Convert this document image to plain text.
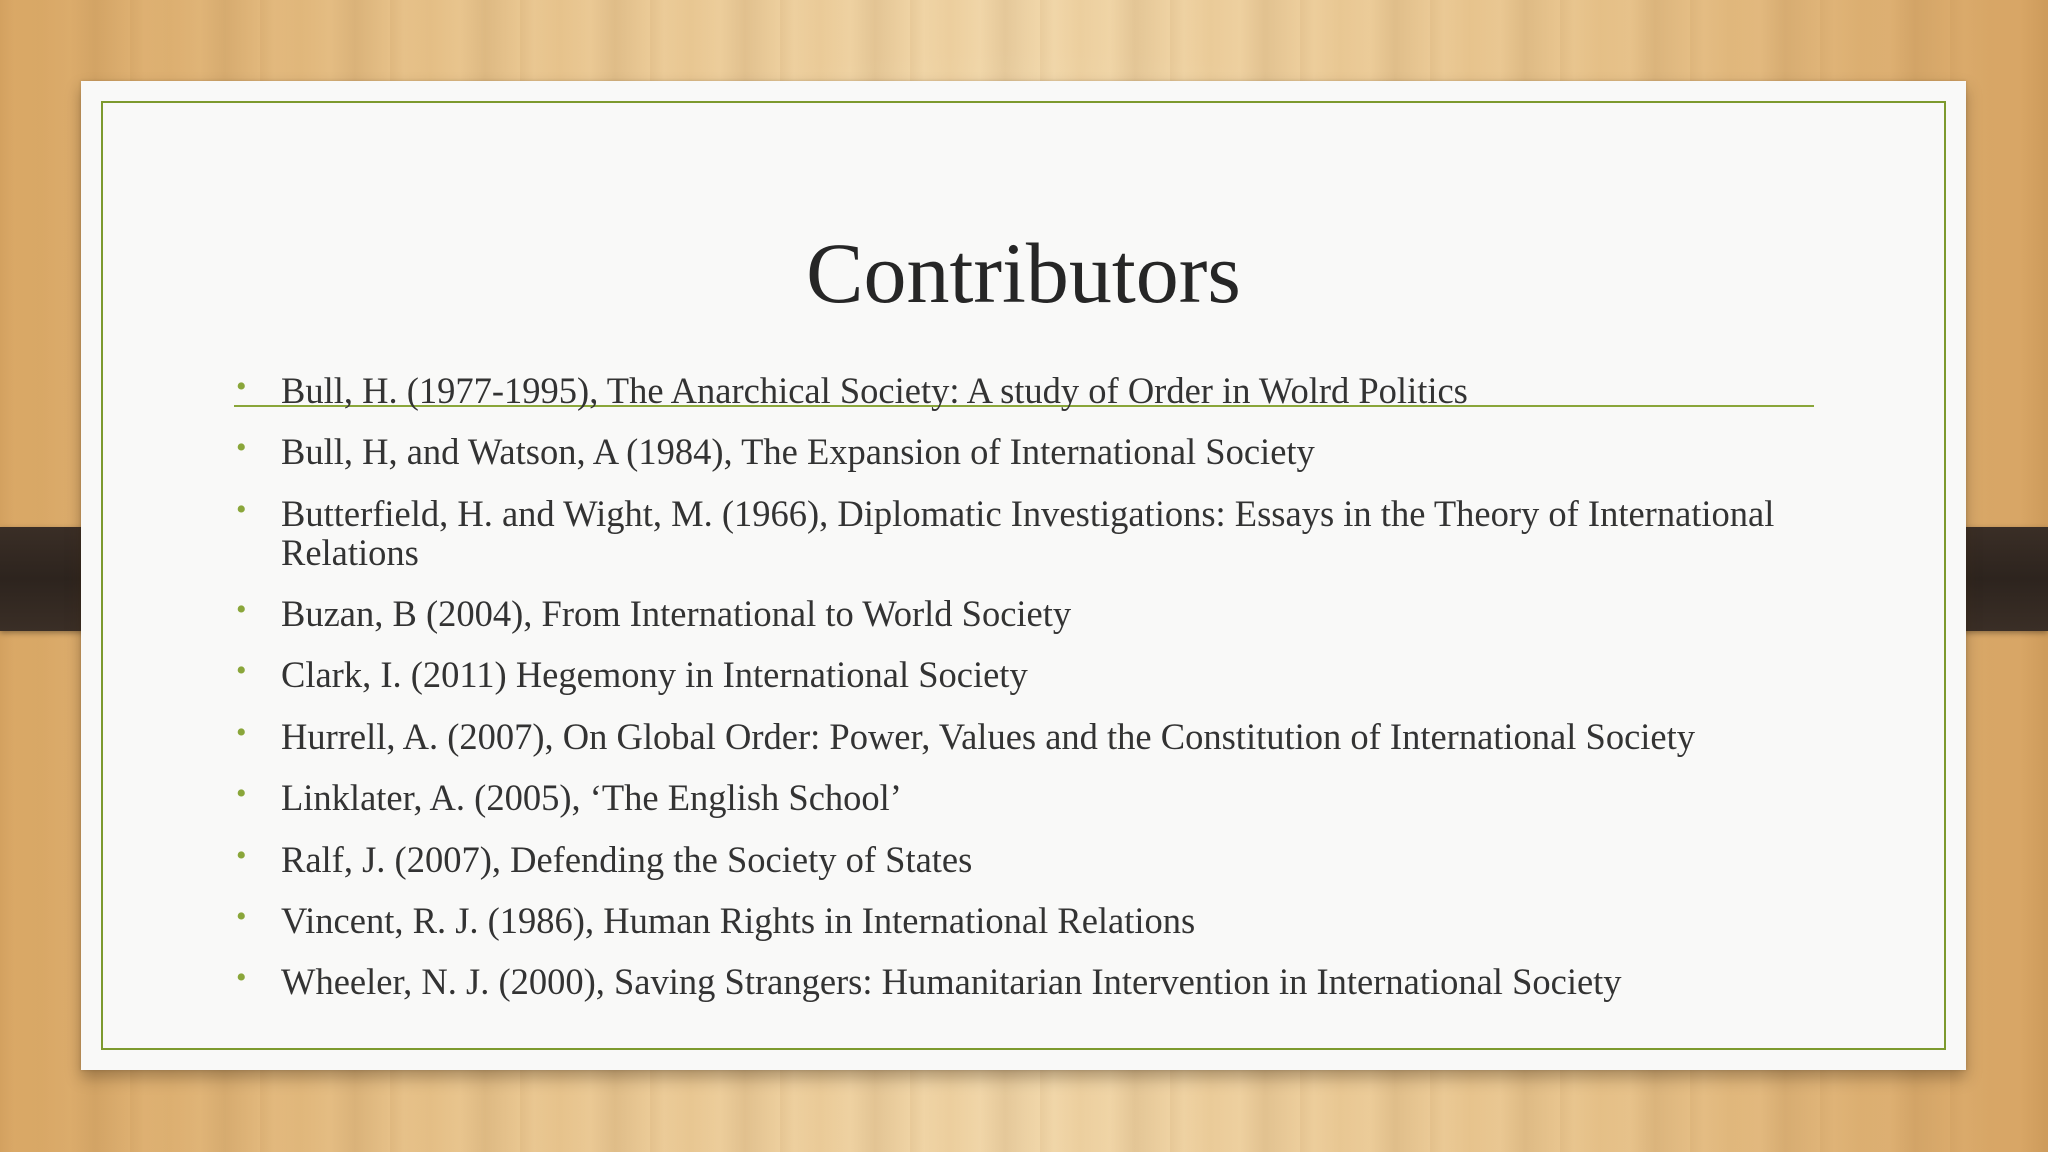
Contributors
• Bull, H. (1977-1995), The Anarchical Society: A study of Order in Wolrd Politics
• Bull, H, and Watson, A (1984), The Expansion of International Society
• Butterfield, H. and Wight, M. (1966), Diplomatic Investigations: Essays in the Theory of International Relations
• Buzan, B (2004), From International to World Society
• Clark, I. (2011) Hegemony in International Society
• Hurrell, A. (2007), On Global Order: Power, Values and the Constitution of International Society
• Linklater, A. (2005), ‘The English School’
• Ralf, J. (2007), Defending the Society of States
• Vincent, R. J. (1986), Human Rights in International Relations
• Wheeler, N. J. (2000), Saving Strangers: Humanitarian Intervention in International Society
